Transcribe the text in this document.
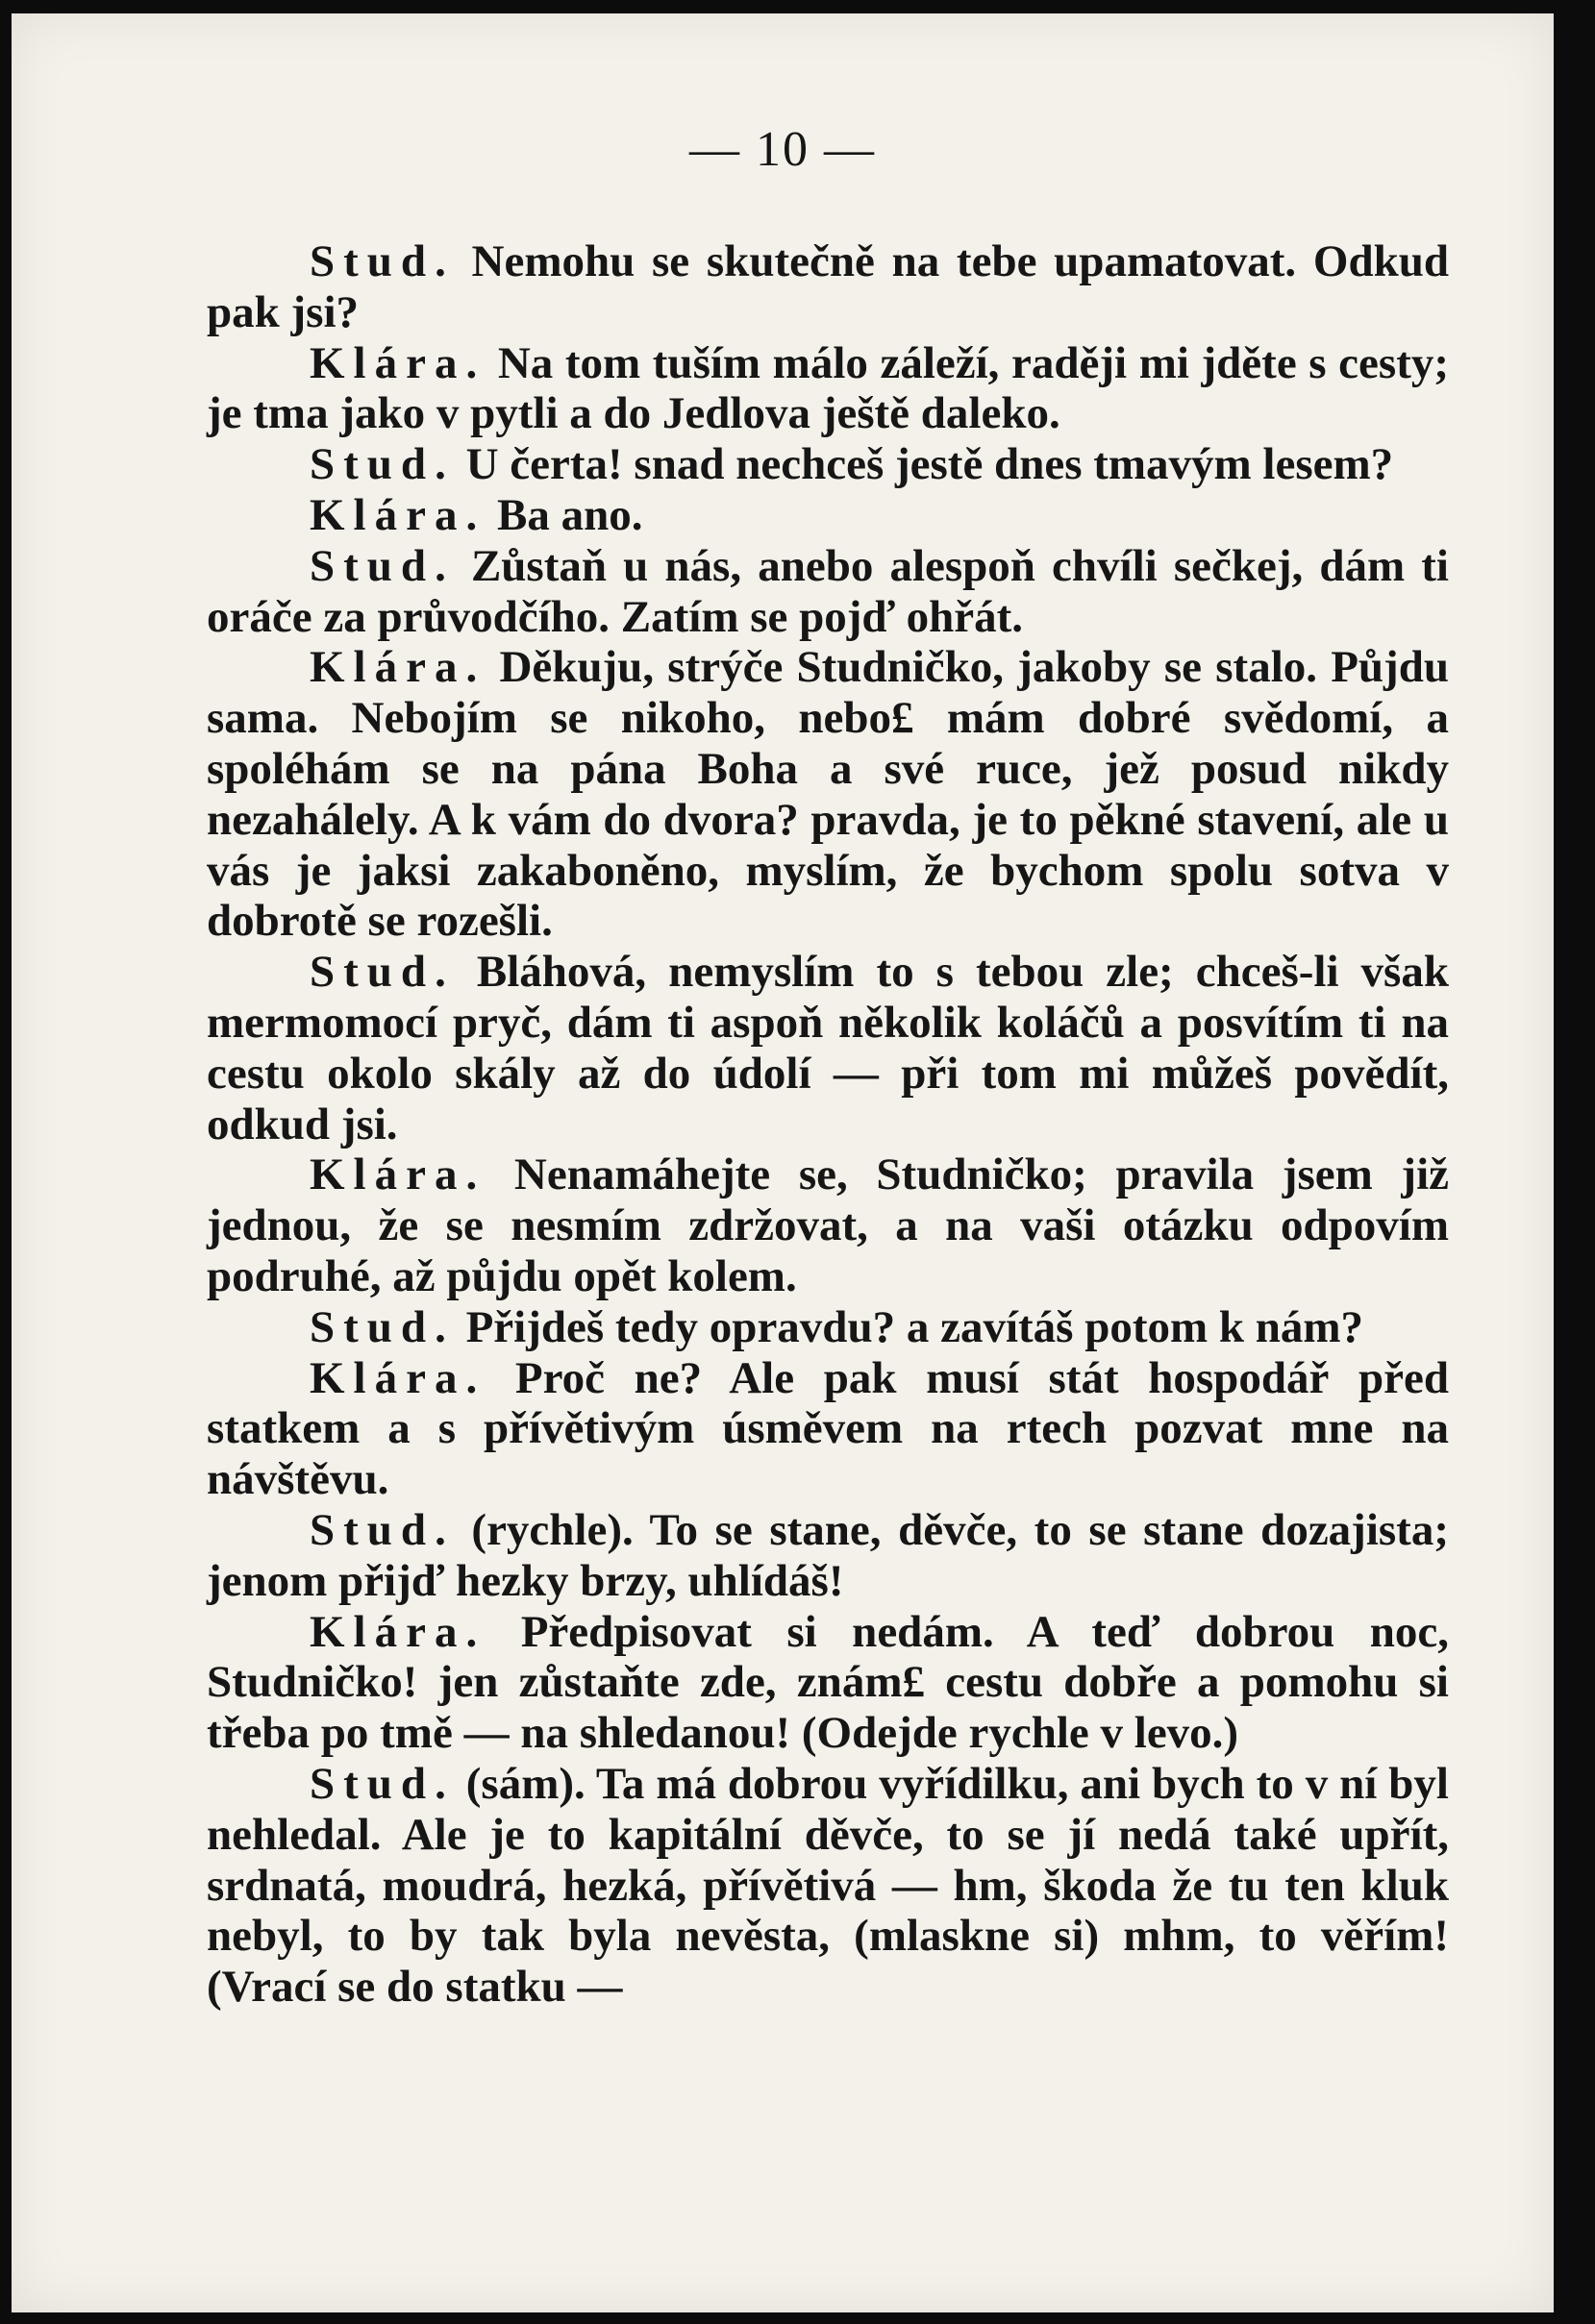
— 10 —

Stud. Nemohu se skutečně na tebe upamatovat. Odkud pak jsi?

Klára. Na tom tuším málo záleží, raději mi jděte s cesty; je tma jako v pytli a do Jedlova ještě daleko.

Stud. U čerta! snad nechceš jestě dnes tmavým lesem?

Klára. Ba ano.

Stud. Zůstaň u nás, anebo alespoň chvíli sečkej, dám ti oráče za průvodčího. Zatím se pojď ohřát.

Klára. Děkuju, strýče Studničko, jakoby se stalo. Půjdu sama. Nebojím se nikoho, nebo£ mám dobré svědomí, a spoléhám se na pána Boha a své ruce, jež posud nikdy nezahálely. A k vám do dvora? pravda, je to pěkné stavení, ale u vás je jaksi zakaboněno, myslím, že bychom spolu sotva v dobrotě se rozešli.

Stud. Bláhová, nemyslím to s tebou zle; chceš-li však mermomocí pryč, dám ti aspoň několik koláčů a posvítím ti na cestu okolo skály až do údolí — při tom mi můžeš povědít, odkud jsi.

Klára. Nenamáhejte se, Studničko; pravila jsem již jednou, že se nesmím zdržovat, a na vaši otázku odpovím podruhé, až půjdu opět kolem.

Stud. Přijdeš tedy opravdu? a zavítáš potom k nám?

Klára. Proč ne? Ale pak musí stát hospodář před statkem a s přívětivým úsměvem na rtech pozvat mne na návštěvu.

Stud. (rychle). To se stane, děvče, to se stane dozajista; jenom přijď hezky brzy, uhlídáš!

Klára. Předpisovat si nedám. A teď dobrou noc, Studničko! jen zůstaňte zde, znám£ cestu dobře a pomohu si třeba po tmě — na shledanou! (Odejde rychle v levo.)

Stud. (sám). Ta má dobrou vyřídilku, ani bych to v ní byl nehledal. Ale je to kapitální děvče, to se jí nedá také upřít, srdnatá, moudrá, hezká, přívětivá — hm, škoda že tu ten kluk nebyl, to by tak byla nevěsta, (mlaskne si) mhm, to věřím! (Vrací se do statku —
